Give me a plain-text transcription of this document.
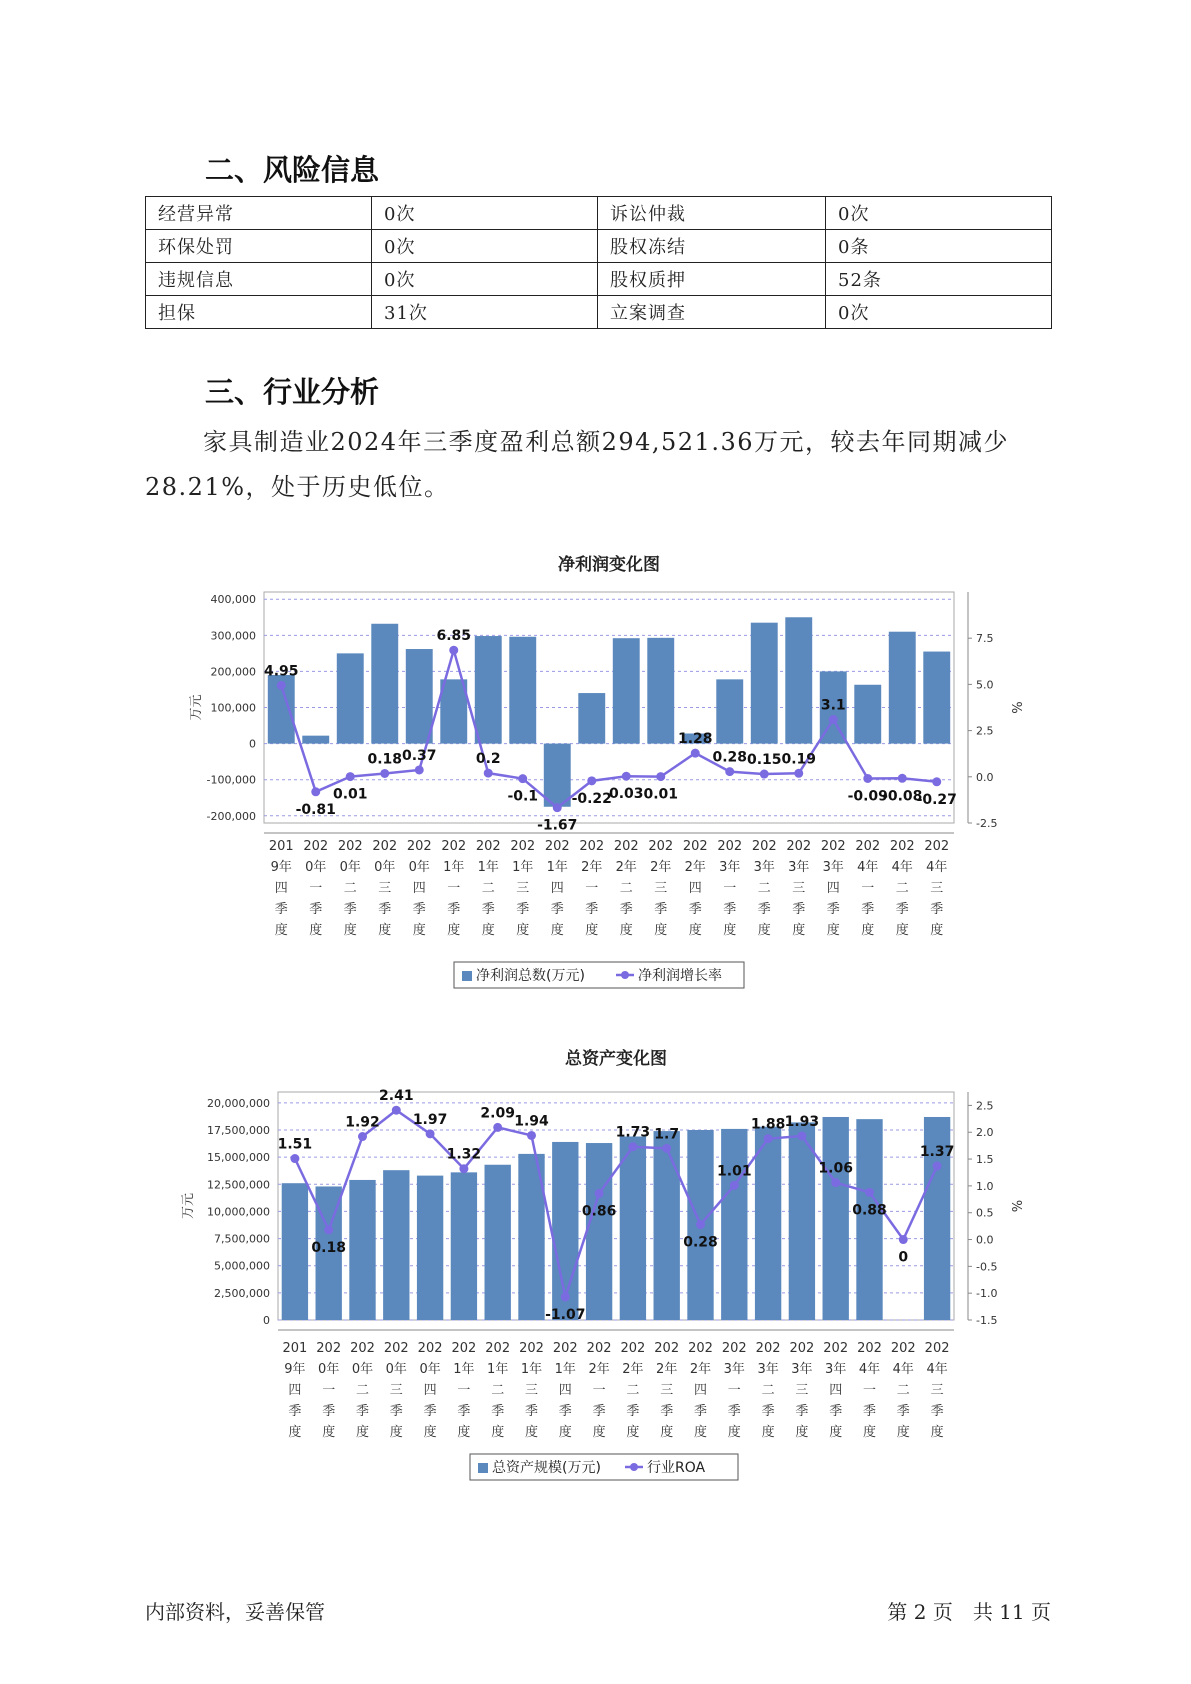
二、风险信息
经营异常	0次	诉讼仲裁	0次
环保处罚	0次	股权冻结	0条
违规信息	0次	股权质押	52条
担保	31次	立案调查	0次
三、行业分析

家具制造业2024年三季度盈利总额294,521.36万元，较去年同期减少28.21%，处于历史低位。

净利润变化图
400,000
300,000
200,000
100,000
0
-100,000
-200,000
7.5
5.0
2.5
0.0
-2.5
万元	%
4.95
-0.81
0.01
0.18 0.37
6.85
0.2
-0.1
-1.67
-0.22
0.03 0.01
1.28
0.28 0.15 0.19
3.1
-0.09
-0.08
-0.27
201 9年四季度
202 0年一季度
202 0年二季度
202 0年三季度
202 0年四季度
202 1年一季度
202 1年二季度
202 1年三季度
202 1年四季度
202 2年一季度
202 2年二季度
202 2年三季度
202 2年四季度
202 3年一季度
202 3年二季度
202 3年三季度
202 3年四季度
202 4年一季度
202 4年二季度
202 4年三季度
净利润总数(万元)	净利润增长率
总资产变化图
20,000,000
17,500,000
15,000,000
12,500,000
10,000,000
7,500,000
5,000,000
2,500,000
0
2.5
2.0
1.5
1.0
0.5
0.0
-0.5
-1.0
-1.5
万元	%
1.51
0.18
1.92
2.41
1.97
1.32
2.09
1.94
-1.07
0.86
1.73 1.7
0.28
1.01
1.88 1.93
1.06
0.88
0
1.37
201 9年四季度
202 0年一季度
202 0年二季度
202 0年三季度
202 0年四季度
202 1年一季度
202 1年二季度
202 1年三季度
202 1年四季度
202 2年一季度
202 2年二季度
202 2年三季度
202 2年四季度
202 3年一季度
202 3年二季度
202 3年三季度
202 3年四季度
202 4年一季度
202 4年二季度
202 4年三季度
总资产规模(万元)	行业ROA
内部资料，妥善保管	第 2 页　共 11 页
